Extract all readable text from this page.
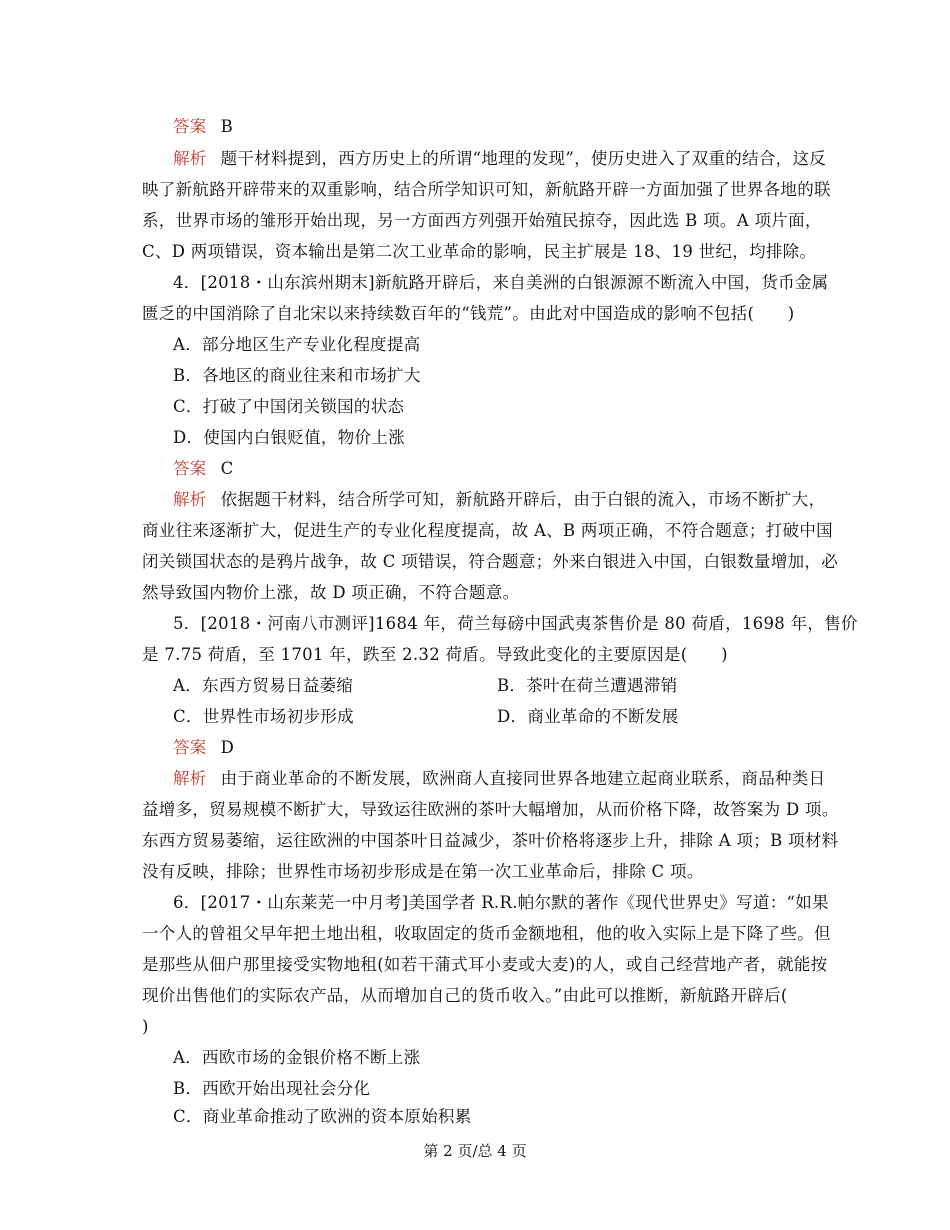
答案 B
解析 题干材料提到，西方历史上的所谓“地理的发现”，使历史进入了双重的结合，这反
映了新航路开辟带来的双重影响，结合所学知识可知，新航路开辟一方面加强了世界各地的联
系，世界市场的雏形开始出现，另一方面西方列强开始殖民掠夺，因此选 B 项。A 项片面，
C、D 两项错误，资本输出是第二次工业革命的影响，民主扩展是 18、19 世纪，均排除。
4．[2018・山东滨州期末]新航路开辟后，来自美洲的白银源源不断流入中国，货币金属
匮乏的中国消除了自北宋以来持续数百年的“钱荒”。由此对中国造成的影响不包括(　　)
A．部分地区生产专业化程度提高
B．各地区的商业往来和市场扩大
C．打破了中国闭关锁国的状态
D．使国内白银贬值，物价上涨
答案 C
解析 依据题干材料，结合所学可知，新航路开辟后，由于白银的流入，市场不断扩大，
商业往来逐渐扩大，促进生产的专业化程度提高，故 A、B 两项正确，不符合题意；打破中国
闭关锁国状态的是鸦片战争，故 C 项错误，符合题意；外来白银进入中国，白银数量增加，必
然导致国内物价上涨，故 D 项正确，不符合题意。
5．[2018・河南八市测评]1684 年，荷兰每磅中国武夷茶售价是 80 荷盾，1698 年，售价
是 7.75 荷盾，至 1701 年，跌至 2.32 荷盾。导致此变化的主要原因是(　　)
A．东西方贸易日益萎缩	B．茶叶在荷兰遭遇滞销
C．世界性市场初步形成	D．商业革命的不断发展
答案 D
解析 由于商业革命的不断发展，欧洲商人直接同世界各地建立起商业联系，商品种类日
益增多，贸易规模不断扩大，导致运往欧洲的茶叶大幅增加，从而价格下降，故答案为 D 项。
东西方贸易萎缩，运往欧洲的中国茶叶日益减少，茶叶价格将逐步上升，排除 A 项；B 项材料
没有反映，排除；世界性市场初步形成是在第一次工业革命后，排除 C 项。
6．[2017・山东莱芜一中月考]美国学者 R.R.帕尔默的著作《现代世界史》写道：“如果
一个人的曾祖父早年把土地出租，收取固定的货币金额地租，他的收入实际上是下降了些。但
是那些从佃户那里接受实物地租(如若干蒲式耳小麦或大麦)的人，或自己经营地产者，就能按
现价出售他们的实际农产品，从而增加自己的货币收入。”由此可以推断，新航路开辟后(
)
A．西欧市场的金银价格不断上涨
B．西欧开始出现社会分化
C．商业革命推动了欧洲的资本原始积累
第 2 页/总 4 页
